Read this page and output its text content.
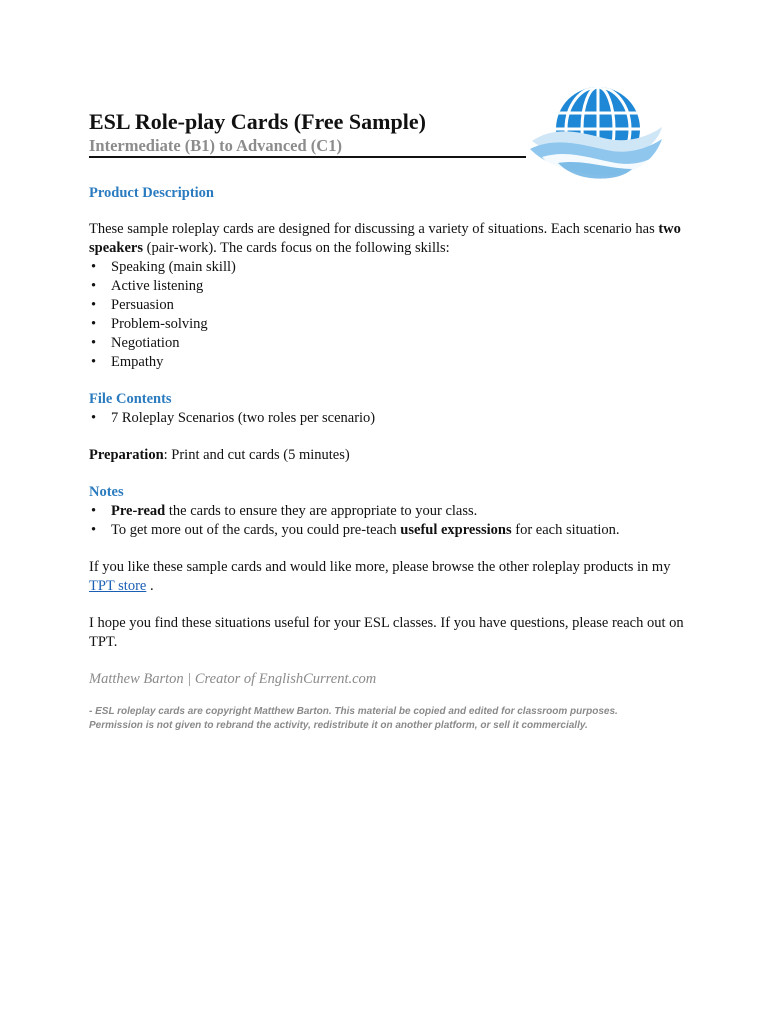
ESL Role-play Cards (Free Sample)
Intermediate (B1) to Advanced (C1)

Product Description

These sample roleplay cards are designed for discussing a variety of situations. Each scenario has two speakers (pair-work). The cards focus on the following skills:

• Speaking (main skill)
• Active listening
• Persuasion
• Problem-solving
• Negotiation
• Empathy

File Contents

• 7 Roleplay Scenarios (two roles per scenario)

Preparation: Print and cut cards (5 minutes)

Notes

• Pre-read the cards to ensure they are appropriate to your class.
• To get more out of the cards, you could pre-teach useful expressions for each situation.

If you like these sample cards and would like more, please browse the other roleplay products in my TPT store .

I hope you find these situations useful for your ESL classes. If you have questions, please reach out on TPT.

Matthew Barton | Creator of EnglishCurrent.com

- ESL roleplay cards are copyright Matthew Barton. This material be copied and edited for classroom purposes. Permission is not given to rebrand the activity, redistribute it on another platform, or sell it commercially.
